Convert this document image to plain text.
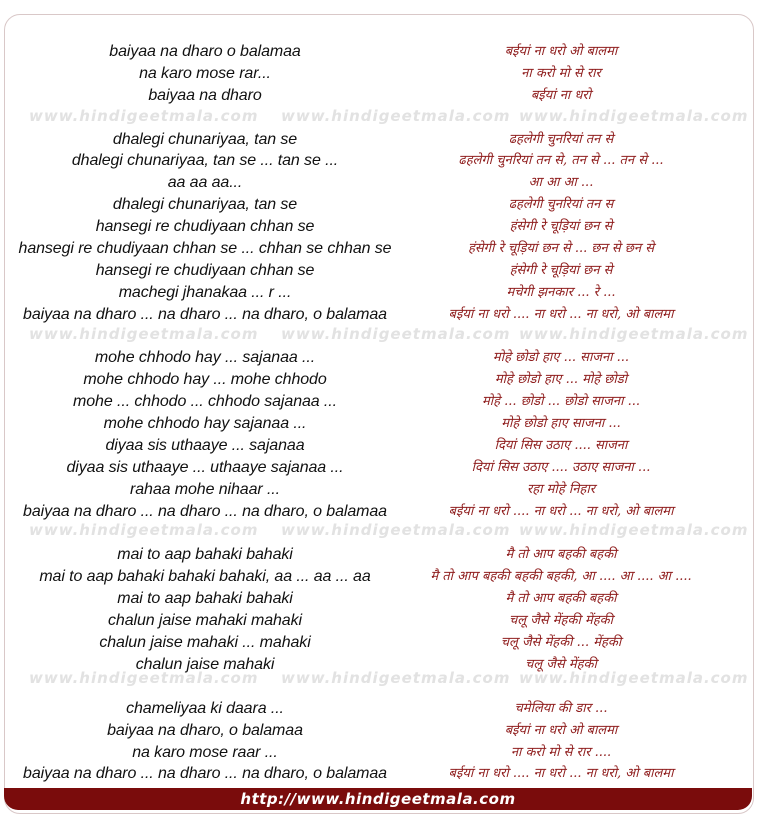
www.hindigeetmala.com www.hindigeetmala.com www.hindigeetmala.com
www.hindigeetmala.com www.hindigeetmala.com www.hindigeetmala.com
www.hindigeetmala.com www.hindigeetmala.com www.hindigeetmala.com
www.hindigeetmala.com www.hindigeetmala.com www.hindigeetmala.com
baiyaa na dharo o balamaa
na karo mose rar...
baiyaa na dharo
dhalegi chunariyaa, tan se
dhalegi chunariyaa, tan se ... tan se ...
aa aa aa...
dhalegi chunariyaa, tan se
hansegi re chudiyaan chhan se
hansegi re chudiyaan chhan se ... chhan se chhan se
hansegi re chudiyaan chhan se
machegi jhanakaa ... r ...
baiyaa na dharo ... na dharo ... na dharo, o balamaa
mohe chhodo hay ... sajanaa ...
mohe chhodo hay ... mohe chhodo
mohe ... chhodo ... chhodo sajanaa ...
mohe chhodo hay sajanaa ...
diyaa sis uthaaye ... sajanaa
diyaa sis uthaaye ... uthaaye sajanaa ...
rahaa mohe nihaar ...
baiyaa na dharo ... na dharo ... na dharo, o balamaa
mai to aap bahaki bahaki
mai to aap bahaki bahaki bahaki, aa ... aa ... aa
mai to aap bahaki bahaki
chalun jaise mahaki mahaki
chalun jaise mahaki ... mahaki
chalun jaise mahaki
chameliyaa ki daara ...
baiyaa na dharo, o balamaa
na karo mose raar ...
baiyaa na dharo ... na dharo ... na dharo, o balamaa
बईयां ना धरो ओ बालमा
ना करो मो से रार
बईयां ना धरो
ढहलेगी चुनरियां तन से
ढहलेगी चुनरियां तन से, तन से ... तन से ...
आ आ आ ...
ढहलेगी चुनरियां तन स
हंसेगी रे चूड़ियां छन से
हंसेगी रे चूड़ियां छन से ... छन से छन से
हंसेगी रे चूड़ियां छन से
मचेगी झनकार ... रे ...
बईयां ना धरो .... ना धरो ... ना धरो, ओ बालमा
मोहे छोडो हाए ... साजना ...
मोहे छोडो हाए ... मोहे छोडो
मोहे ... छोडो ... छोडो साजना ...
मोहे छोडो हाए साजना ...
दियां सिस उठाए .... साजना
दियां सिस उठाए .... उठाए साजना ...
रहा मोहे निहार
बईयां ना धरो .... ना धरो ... ना धरो, ओ बालमा
मै तो आप बहकी बहकी
मै तो आप बहकी बहकी बहकी, आ .... आ .... आ ....
मै तो आप बहकी बहकी
चलू जैसे मेंहकी मेंहकी
चलू जैसे मेंहकी ... मेंहकी
चलू जैसे मेंहकी
चमेलिया की डार ...
बईयां ना धरो ओ बालमा
ना करो मो से रार ....
बईयां ना धरो .... ना धरो ... ना धरो, ओ बालमा
http://www.hindigeetmala.com
